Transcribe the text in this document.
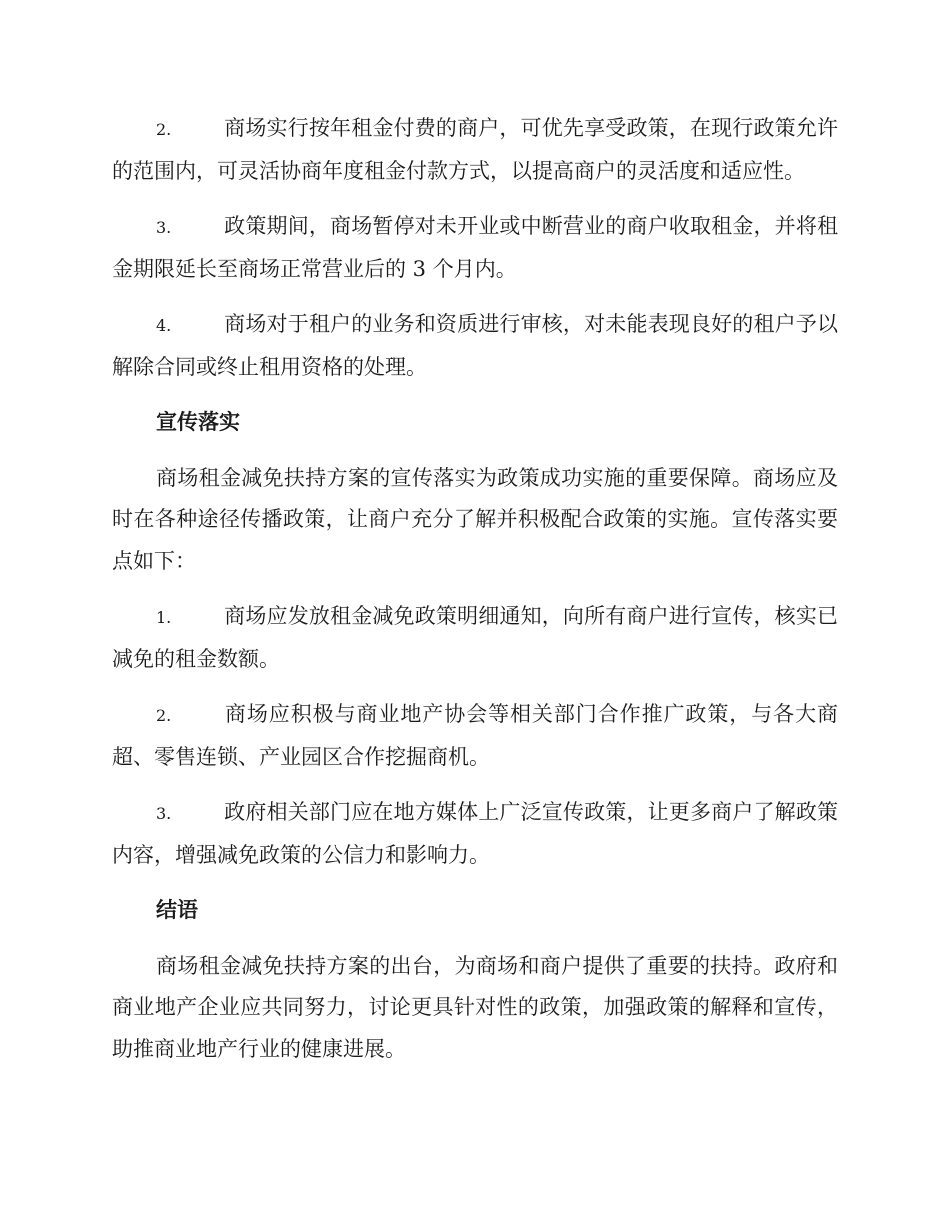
2.	商场实行按年租金付费的商户，可优先享受政策，在现行政策允许的范围内，可灵活协商年度租金付款方式，以提高商户的灵活度和适应性。

3.	政策期间，商场暂停对未开业或中断营业的商户收取租金，并将租金期限延长至商场正常营业后的 3 个月内。

4.	商场对于租户的业务和资质进行审核，对未能表现良好的租户予以解除合同或终止租用资格的处理。

宣传落实

商场租金减免扶持方案的宣传落实为政策成功实施的重要保障。商场应及时在各种途径传播政策，让商户充分了解并积极配合政策的实施。宣传落实要点如下：

1.	商场应发放租金减免政策明细通知，向所有商户进行宣传，核实已减免的租金数额。

2.	商场应积极与商业地产协会等相关部门合作推广政策，与各大商超、零售连锁、产业园区合作挖掘商机。

3.	政府相关部门应在地方媒体上广泛宣传政策，让更多商户了解政策内容，增强减免政策的公信力和影响力。

结语

商场租金减免扶持方案的出台，为商场和商户提供了重要的扶持。政府和商业地产企业应共同努力，讨论更具针对性的政策，加强政策的解释和宣传，助推商业地产行业的健康进展。
